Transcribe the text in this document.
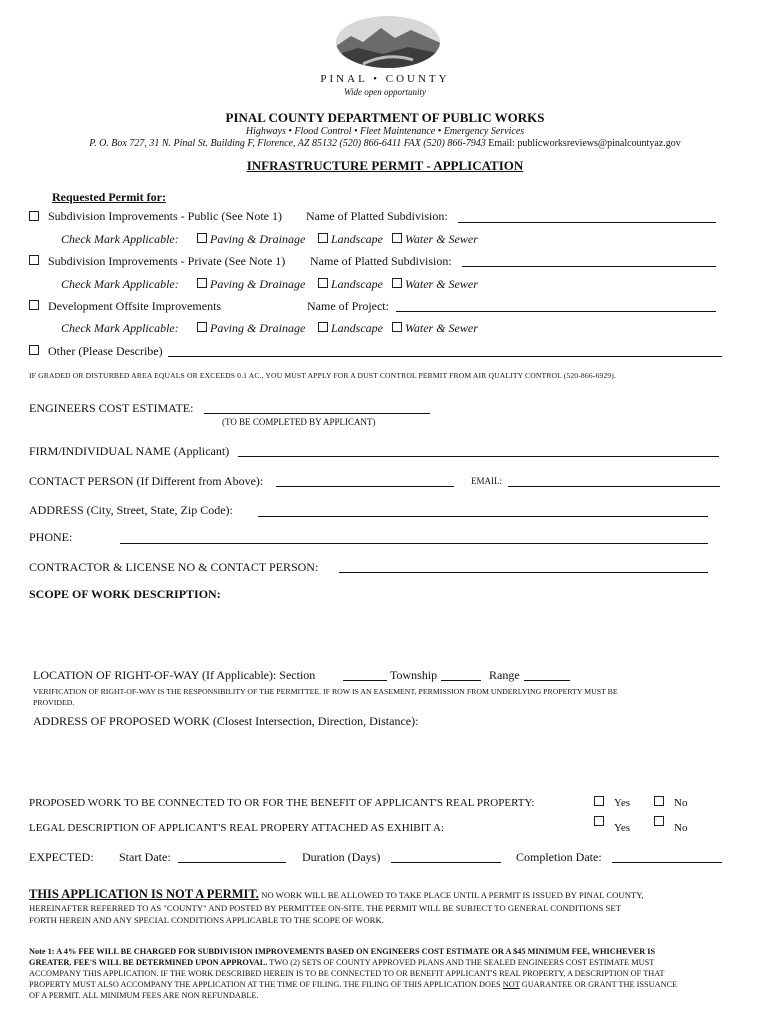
PINAL • COUNTY
Wide open opportunity
PINAL COUNTY DEPARTMENT OF PUBLIC WORKS
Highways • Flood Control • Fleet Maintenance • Emergency Services
P. O. Box 727, 31 N. Pinal St. Building F, Florence, AZ 85132 (520) 866-6411 FAX (520) 866-7943 Email: publicworksreviews@pinalcountyaz.gov
INFRASTRUCTURE PERMIT - APPLICATION
Requested Permit for:
Subdivision Improvements - Public (See Note 1) Name of Platted Subdivision:
Check Mark Applicable:	Paving & Drainage Landscape Water & Sewer
Subdivision Improvements - Private (See Note 1) Name of Platted Subdivision:
Check Mark Applicable:	Paving & Drainage Landscape Water & Sewer
Development Offsite Improvements	Name of Project:
Check Mark Applicable:	Paving & Drainage Landscape Water & Sewer
Other (Please Describe)
IF GRADED OR DISTURBED AREA EQUALS OR EXCEEDS 0.1 AC., YOU MUST APPLY FOR A DUST CONTROL PERMIT FROM AIR QUALITY CONTROL (520-866-6929).
ENGINEERS COST ESTIMATE:
(TO BE COMPLETED BY APPLICANT)
FIRM/INDIVIDUAL NAME (Applicant)
CONTACT PERSON (If Different from Above):	EMAIL:
ADDRESS (City, Street, State, Zip Code):
PHONE:
CONTRACTOR & LICENSE NO & CONTACT PERSON:
SCOPE OF WORK DESCRIPTION:
LOCATION OF RIGHT-OF-WAY (If Applicable): Section	Township	Range
VERIFICATION OF RIGHT-OF-WAY IS THE RESPONSIBILITY OF THE PERMITTEE. IF ROW IS AN EASEMENT, PERMISSION FROM UNDERLYING PROPERTY MUST BE
PROVIDED.
ADDRESS OF PROPOSED WORK (Closest Intersection, Direction, Distance):
PROPOSED WORK TO BE CONNECTED TO OR FOR THE BENEFIT OF APPLICANT'S REAL PROPERTY:	Yes	No
LEGAL DESCRIPTION OF APPLICANT'S REAL PROPERY ATTACHED AS EXHIBIT A:	Yes	No
EXPECTED: Start Date:	Duration (Days)	Completion Date:
THIS APPLICATION IS NOT A PERMIT. NO WORK WILL BE ALLOWED TO TAKE PLACE UNTIL A PERMIT IS ISSUED BY PINAL COUNTY,
HEREINAFTER REFERRED TO AS "COUNTY" AND POSTED BY PERMITTEE ON-SITE. THE PERMIT WILL BE SUBJECT TO GENERAL CONDITIONS SET
FORTH HEREIN AND ANY SPECIAL CONDITIONS APPLICABLE TO THE SCOPE OF WORK.
Note 1: A 4% FEE WILL BE CHARGED FOR SUBDIVISION IMPROVEMENTS BASED ON ENGINEERS COST ESTIMATE OR A $45 MINIMUM FEE, WHICHEVER IS
GREATER. FEE'S WILL BE DETERMINED UPON APPROVAL. TWO (2) SETS OF COUNTY APPROVED PLANS AND THE SEALED ENGINEERS COST ESTIMATE MUST
ACCOMPANY THIS APPLICATION. IF THE WORK DESCRIBED HEREIN IS TO BE CONNECTED TO OR BENEFIT APPLICANT'S REAL PROPERTY, A DESCRIPTION OF THAT
PROPERTY MUST ALSO ACCOMPANY THE APPLICATION AT THE TIME OF FILING. THE FILING OF THIS APPLICATION DOES NOT GUARANTEE OR GRANT THE ISSUANCE
OF A PERMIT. ALL MINIMUM FEES ARE NON REFUNDABLE.
